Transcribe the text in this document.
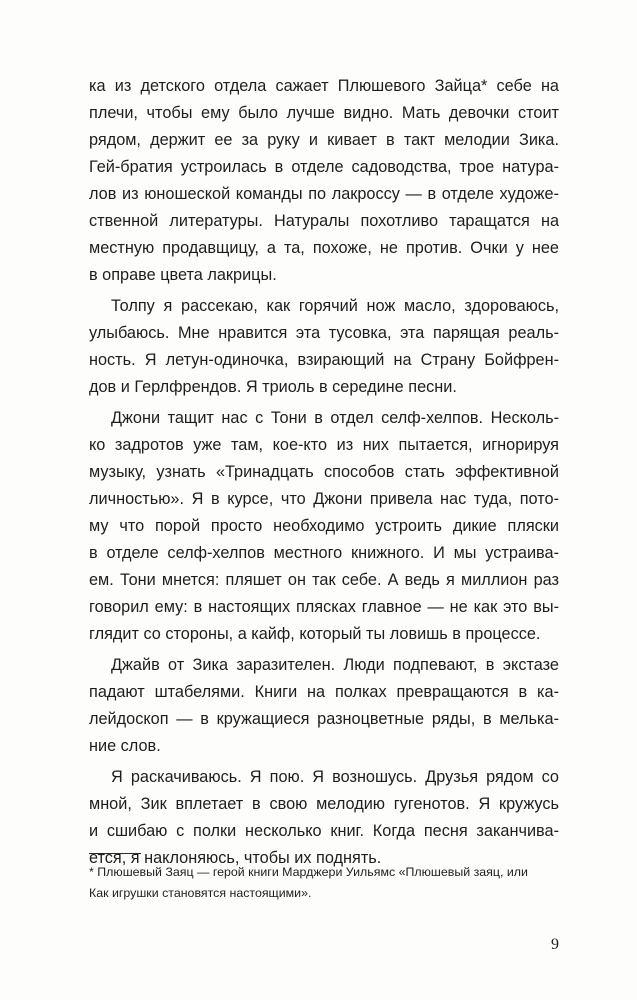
ка из детского отдела сажает Плюшевого Зайца* себе на
плечи, чтобы ему было лучше видно. Мать девочки стоит
рядом, держит ее за руку и кивает в такт мелодии Зика.
Гей-братия устроилась в отделе садоводства, трое натура-
лов из юношеской команды по лакроссу — в отделе художе-
ственной литературы. Натуралы похотливо таращатся на
местную продавщицу, а та, похоже, не против. Очки у нее
в оправе цвета лакрицы.
Толпу я рассекаю, как горячий нож масло, здороваюсь,
улыбаюсь. Мне нравится эта тусовка, эта парящая реаль-
ность. Я летун-одиночка, взирающий на Страну Бойфрен-
дов и Герлфрендов. Я триоль в середине песни.
Джони тащит нас с Тони в отдел селф-хелпов. Несколь-
ко задротов уже там, кое-кто из них пытается, игнорируя
музыку, узнать «Тринадцать способов стать эффективной
личностью». Я в курсе, что Джони привела нас туда, пото-
му что порой просто необходимо устроить дикие пляски
в отделе селф-хелпов местного книжного. И мы устраива-
ем. Тони мнется: пляшет он так себе. А ведь я миллион раз
говорил ему: в настоящих плясках главное — не как это вы-
глядит со стороны, а кайф, который ты ловишь в процессе.
Джайв от Зика заразителен. Люди подпевают, в экстазе
падают штабелями. Книги на полках превращаются в ка-
лейдоскоп — в кружащиеся разноцветные ряды, в мелька-
ние слов.
Я раскачиваюсь. Я пою. Я возношусь. Друзья рядом со
мной, Зик вплетает в свою мелодию гугенотов. Я кружусь
и сшибаю с полки несколько книг. Когда песня заканчива-
ется, я наклоняюсь, чтобы их поднять.
* Плюшевый Заяц — герой книги Марджери Уильямс «Плюшевый заяц, или
Как игрушки становятся настоящими».
9
